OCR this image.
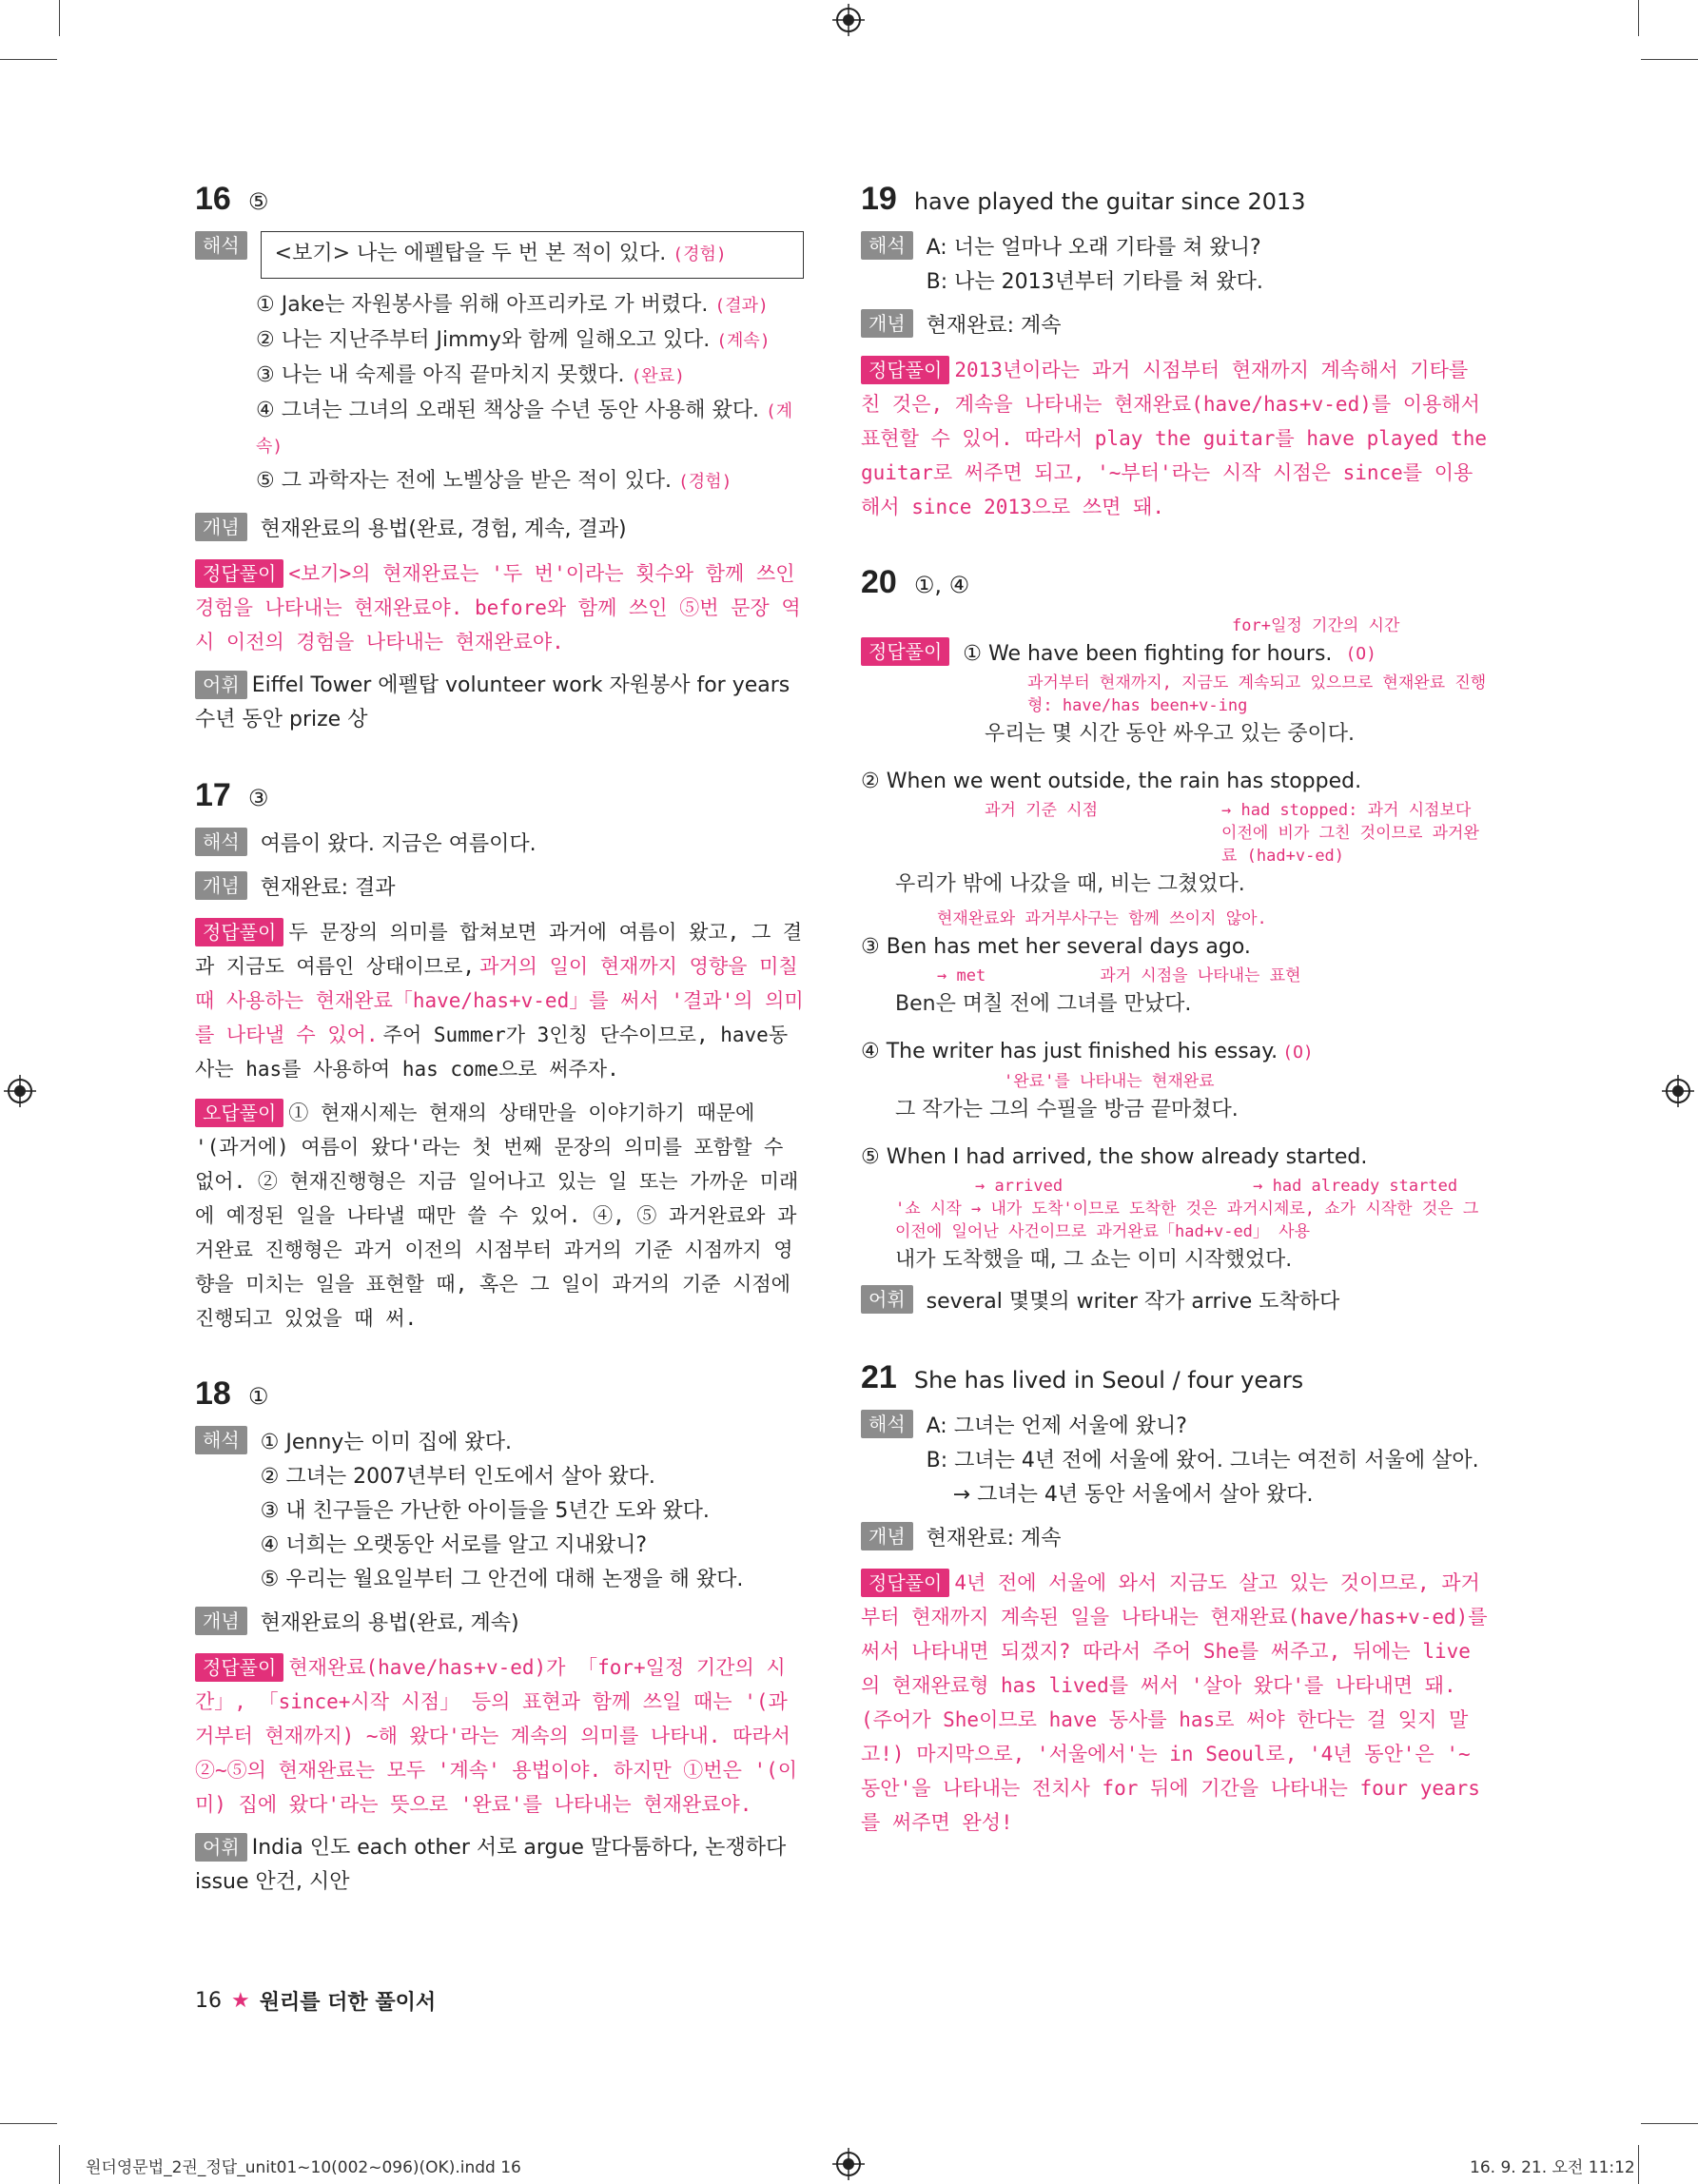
16 ⑤
해석	<보기> 나는 에펠탑을 두 번 본 적이 있다. (경험)
① Jake는 자원봉사를 위해 아프리카로 가 버렸다. (결과)
② 나는 지난주부터 Jimmy와 함께 일해오고 있다. (계속)
③ 나는 내 숙제를 아직 끝마치지 못했다. (완료)
④ 그녀는 그녀의 오래된 책상을 수년 동안 사용해 왔다. (계속)
⑤ 그 과학자는 전에 노벨상을 받은 적이 있다. (경험)
개념	현재완료의 용법(완료, 경험, 계속, 결과)
정답풀이 <보기>의 현재완료는 '두 번'이라는 횟수와 함께 쓰인 경험을 나타내는 현재완료야. before와 함께 쓰인 ⑤번 문장 역시 이전의 경험을 나타내는 현재완료야.
어휘 Eiffel Tower 에펠탑 volunteer work 자원봉사 for years 수년 동안 prize 상
17 ③
해석	여름이 왔다. 지금은 여름이다.
개념	현재완료: 결과
정답풀이 두 문장의 의미를 합쳐보면 과거에 여름이 왔고, 그 결과 지금도 여름인 상태이므로, 과거의 일이 현재까지 영향을 미칠 때 사용하는 현재완료「have/has+v-ed」를 써서 '결과'의 의미를 나타낼 수 있어. 주어 Summer가 3인칭 단수이므로, have동사는 has를 사용하여 has come으로 써주자.
오답풀이 ① 현재시제는 현재의 상태만을 이야기하기 때문에 '(과거에) 여름이 왔다'라는 첫 번째 문장의 의미를 포함할 수 없어. ② 현재진행형은 지금 일어나고 있는 일 또는 가까운 미래에 예정된 일을 나타낼 때만 쓸 수 있어. ④, ⑤ 과거완료와 과거완료 진행형은 과거 이전의 시점부터 과거의 기준 시점까지 영향을 미치는 일을 표현할 때, 혹은 그 일이 과거의 기준 시점에 진행되고 있었을 때 써.
18 ①
해석	① Jenny는 이미 집에 왔다.
② 그녀는 2007년부터 인도에서 살아 왔다.
③ 내 친구들은 가난한 아이들을 5년간 도와 왔다.
④ 너희는 오랫동안 서로를 알고 지내왔니?
⑤ 우리는 월요일부터 그 안건에 대해 논쟁을 해 왔다.
개념	현재완료의 용법(완료, 계속)
정답풀이 현재완료(have/has+v-ed)가 「for+일정 기간의 시간」, 「since+시작 시점」 등의 표현과 함께 쓰일 때는 '(과거부터 현재까지) ~해 왔다'라는 계속의 의미를 나타내. 따라서 ②~⑤의 현재완료는 모두 '계속' 용법이야. 하지만 ①번은 '(이미) 집에 왔다'라는 뜻으로 '완료'를 나타내는 현재완료야.
어휘 India 인도 each other 서로 argue 말다툼하다, 논쟁하다 issue 안건, 시안
19 have played the guitar since 2013
해석	A: 너는 얼마나 오래 기타를 쳐 왔니?
B: 나는 2013년부터 기타를 쳐 왔다.
개념	현재완료: 계속
정답풀이 2013년이라는 과거 시점부터 현재까지 계속해서 기타를 친 것은, 계속을 나타내는 현재완료(have/has+v-ed)를 이용해서 표현할 수 있어. 따라서 play the guitar를 have played the guitar로 써주면 되고, '~부터'라는 시작 시점은 since를 이용해서 since 2013으로 쓰면 돼.
20 ①, ④
for+일정 기간의 시간
정답풀이	① We have been fighting for hours. (O)
과거부터 현재까지, 지금도 계속되고 있으므로 현재완료 진행형: have/has been+v-ing
우리는 몇 시간 동안 싸우고 있는 중이다.
② When we went outside, the rain has stopped.
과거 기준 시점	→ had stopped: 과거 시점보다 이전에 비가 그친 것이므로 과거완료 (had+v-ed)
우리가 밖에 나갔을 때, 비는 그쳤었다.
현재완료와 과거부사구는 함께 쓰이지 않아.
③ Ben has met her several days ago.
→ met	과거 시점을 나타내는 표현
Ben은 며칠 전에 그녀를 만났다.
④ The writer has just finished his essay. (O)
'완료'를 나타내는 현재완료
그 작가는 그의 수필을 방금 끝마쳤다.
⑤ When I had arrived, the show already started.
→ arrived	→ had already started
'쇼 시작 → 내가 도착'이므로 도착한 것은 과거시제로, 쇼가 시작한 것은 그 이전에 일어난 사건이므로 과거완료「had+v-ed」 사용
내가 도착했을 때, 그 쇼는 이미 시작했었다.
어휘	several 몇몇의 writer 작가 arrive 도착하다
21 She has lived in Seoul / four years
해석	A: 그녀는 언제 서울에 왔니?
B: 그녀는 4년 전에 서울에 왔어. 그녀는 여전히 서울에 살아.
→ 그녀는 4년 동안 서울에서 살아 왔다.
개념	현재완료: 계속
정답풀이 4년 전에 서울에 와서 지금도 살고 있는 것이므로, 과거부터 현재까지 계속된 일을 나타내는 현재완료(have/has+v-ed)를 써서 나타내면 되겠지? 따라서 주어 She를 써주고, 뒤에는 live의 현재완료형 has lived를 써서 '살아 왔다'를 나타내면 돼. (주어가 She이므로 have 동사를 has로 써야 한다는 걸 잊지 말고!) 마지막으로, '서울에서'는 in Seoul로, '4년 동안'은 '~ 동안'을 나타내는 전치사 for 뒤에 기간을 나타내는 four years를 써주면 완성!
16 ★ 원리를 더한 풀이서
원더영문법_2권_정답_unit01~10(002~096)(OK).indd 16	16. 9. 21. 오전 11:12
